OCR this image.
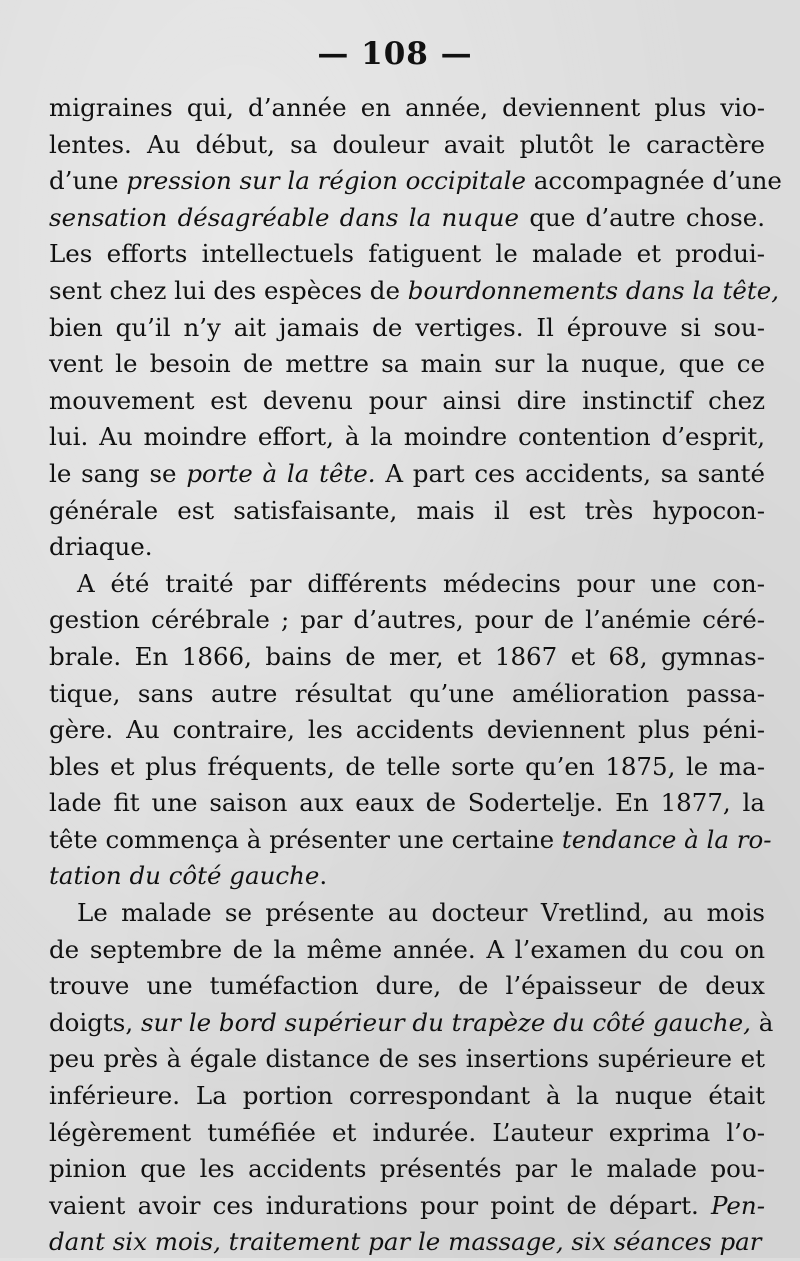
— 108 —
migraines qui, d’année en année, deviennent plus vio-
lentes. Au début, sa douleur avait plutôt le caractère
d’une pression sur la région occipitale accompagnée d’une
sensation désagréable dans la nuque que d’autre chose.
Les efforts intellectuels fatiguent le malade et produi-
sent chez lui des espèces de bourdonnements dans la tête,
bien qu’il n’y ait jamais de vertiges. Il éprouve si sou-
vent le besoin de mettre sa main sur la nuque, que ce
mouvement est devenu pour ainsi dire instinctif chez
lui. Au moindre effort, à la moindre contention d’esprit,
le sang se porte à la tête. A part ces accidents, sa santé
générale est satisfaisante, mais il est très hypocon-
driaque.
A été traité par différents médecins pour une con-
gestion cérébrale ; par d’autres, pour de l’anémie céré-
brale. En 1866, bains de mer, et 1867 et 68, gymnas-
tique, sans autre résultat qu’une amélioration passa-
gère. Au contraire, les accidents deviennent plus péni-
bles et plus fréquents, de telle sorte qu’en 1875, le ma-
lade fit une saison aux eaux de Sodertelje. En 1877, la
tête commença à présenter une certaine tendance à la ro-
tation du côté gauche.
Le malade se présente au docteur Vretlind, au mois
de septembre de la même année. A l’examen du cou on
trouve une tuméfaction dure, de l’épaisseur de deux
doigts, sur le bord supérieur du trapèze du côté gauche, à
peu près à égale distance de ses insertions supérieure et
inférieure. La portion correspondant à la nuque était
légèrement tuméfiée et indurée. L’auteur exprima l’o-
pinion que les accidents présentés par le malade pou-
vaient avoir ces indurations pour point de départ. Pen-
dant six mois, traitement par le massage, six séances par
